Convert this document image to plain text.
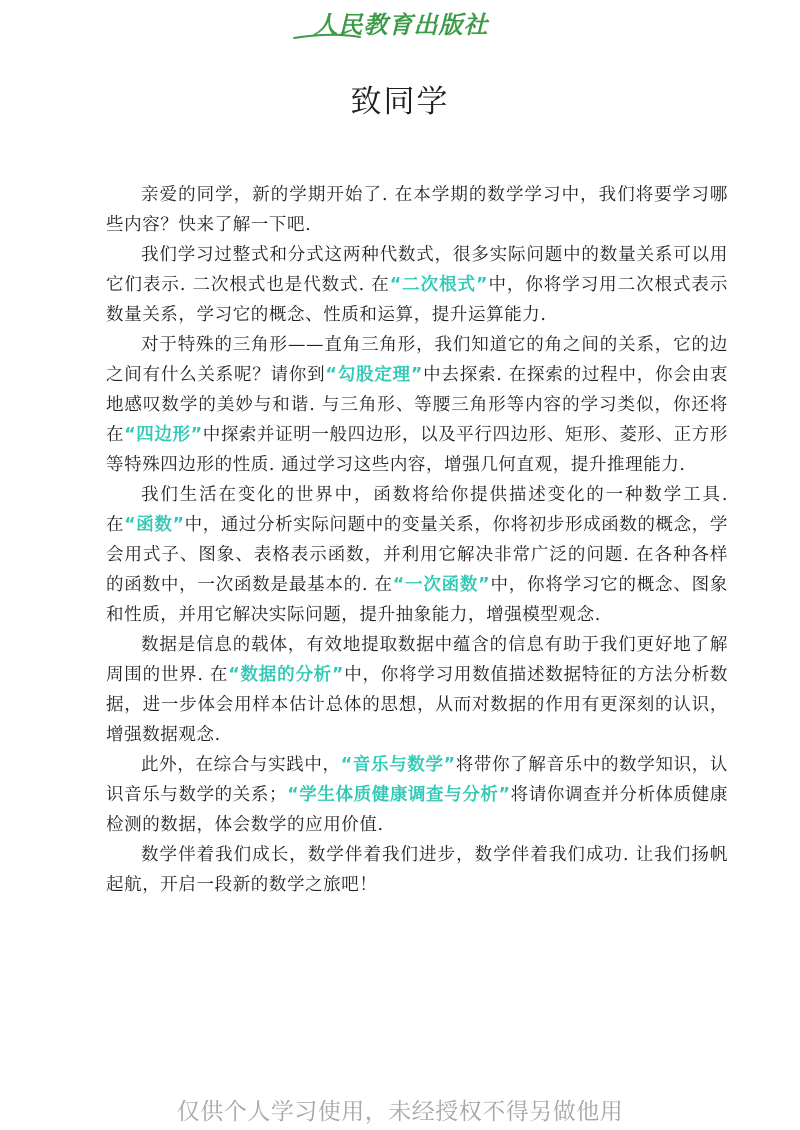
人民教育出版社
致同学

亲爱的同学，新的学期开始了. 在本学期的数学学习中，我们将要学习哪些内容？快来了解一下吧.

我们学习过整式和分式这两种代数式，很多实际问题中的数量关系可以用它们表示. 二次根式也是代数式. 在“二次根式”中，你将学习用二次根式表示数量关系，学习它的概念、性质和运算，提升运算能力.

对于特殊的三角形——直角三角形，我们知道它的角之间的关系，它的边之间有什么关系呢？请你到“勾股定理”中去探索. 在探索的过程中，你会由衷地感叹数学的美妙与和谐. 与三角形、等腰三角形等内容的学习类似，你还将在“四边形”中探索并证明一般四边形，以及平行四边形、矩形、菱形、正方形等特殊四边形的性质. 通过学习这些内容，增强几何直观，提升推理能力.

我们生活在变化的世界中，函数将给你提供描述变化的一种数学工具. 在“函数”中，通过分析实际问题中的变量关系，你将初步形成函数的概念，学会用式子、图象、表格表示函数，并利用它解决非常广泛的问题. 在各种各样的函数中，一次函数是最基本的. 在“一次函数”中，你将学习它的概念、图象和性质，并用它解决实际问题，提升抽象能力，增强模型观念.

数据是信息的载体，有效地提取数据中蕴含的信息有助于我们更好地了解周围的世界. 在“数据的分析”中，你将学习用数值描述数据特征的方法分析数据，进一步体会用样本估计总体的思想，从而对数据的作用有更深刻的认识，增强数据观念.

此外，在综合与实践中，“音乐与数学”将带你了解音乐中的数学知识，认识音乐与数学的关系；“学生体质健康调查与分析”将请你调查并分析体质健康检测的数据，体会数学的应用价值.

数学伴着我们成长，数学伴着我们进步，数学伴着我们成功. 让我们扬帆起航，开启一段新的数学之旅吧！

仅供个人学习使用，未经授权不得另做他用
